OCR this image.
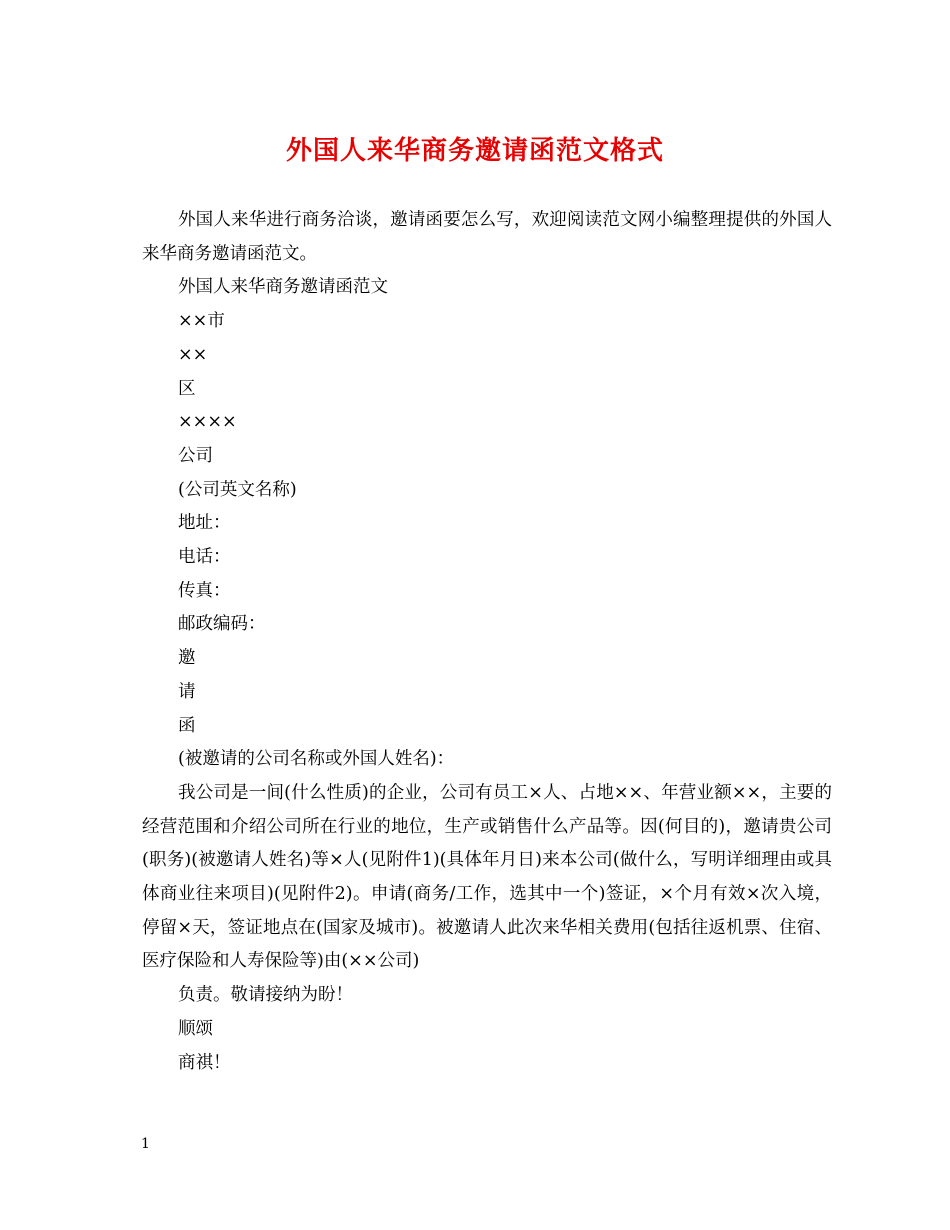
外国人来华商务邀请函范文格式

外国人来华进行商务洽谈，邀请函要怎么写，欢迎阅读范文网小编整理提供的外国人来华商务邀请函范文。

外国人来华商务邀请函范文
××市
××
区
××××
公司
(公司英文名称)
地址：
电话：
传真：
邮政编码：
邀
请
函
(被邀请的公司名称或外国人姓名)：

我公司是一间(什么性质)的企业，公司有员工×人、占地××、年营业额××，主要的经营范围和介绍公司所在行业的地位，生产或销售什么产品等。因(何目的)，邀请贵公司(职务)(被邀请人姓名)等×人(见附件1)(具体年月日)来本公司(做什么，写明详细理由或具体商业往来项目)(见附件2)。申请(商务/工作，选其中一个)签证，×个月有效×次入境，停留×天，签证地点在(国家及城市)。被邀请人此次来华相关费用(包括往返机票、住宿、医疗保险和人寿保险等)由(××公司)

负责。敬请接纳为盼！
顺颂
商祺！
1
